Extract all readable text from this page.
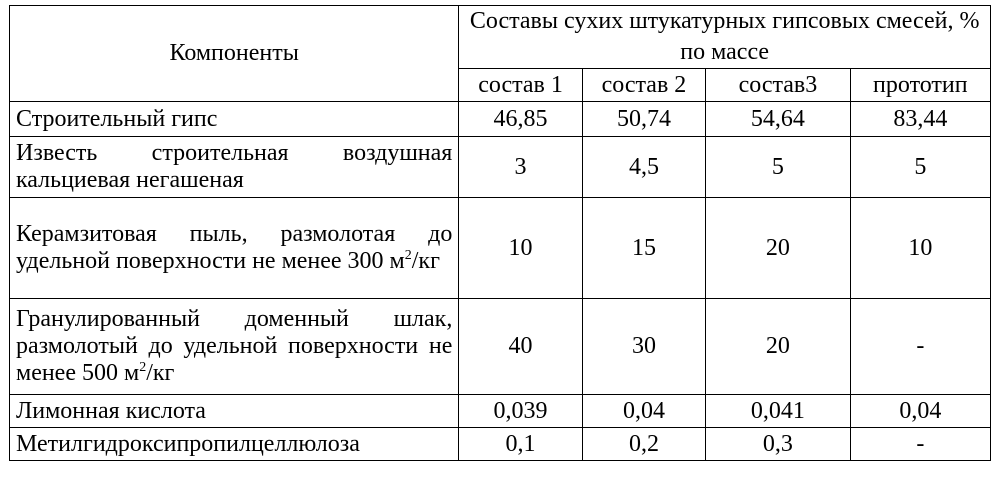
Компоненты	Составы сухих штукатурных гипсовых смесей, % по массе			
	состав 1	состав 2	состав3	прототип
Строительный гипс	46,85	50,74	54,64	83,44
Известь строительная воздушная кальциевая негашеная	3	4,5	5	5
Керамзитовая пыль, размолотая до удельной поверхности не менее 300 $м^2/кг$	10	15	20	10
Гранулированный доменный шлак, размолотый до удельной поверхности не менее 500 $м^2/кг$	40	30	20	-
Лимонная кислота	0,039	0,04	0,041	0,04
Метилгидроксипропилцеллюлоза	0,1	0,2	0,3	-
